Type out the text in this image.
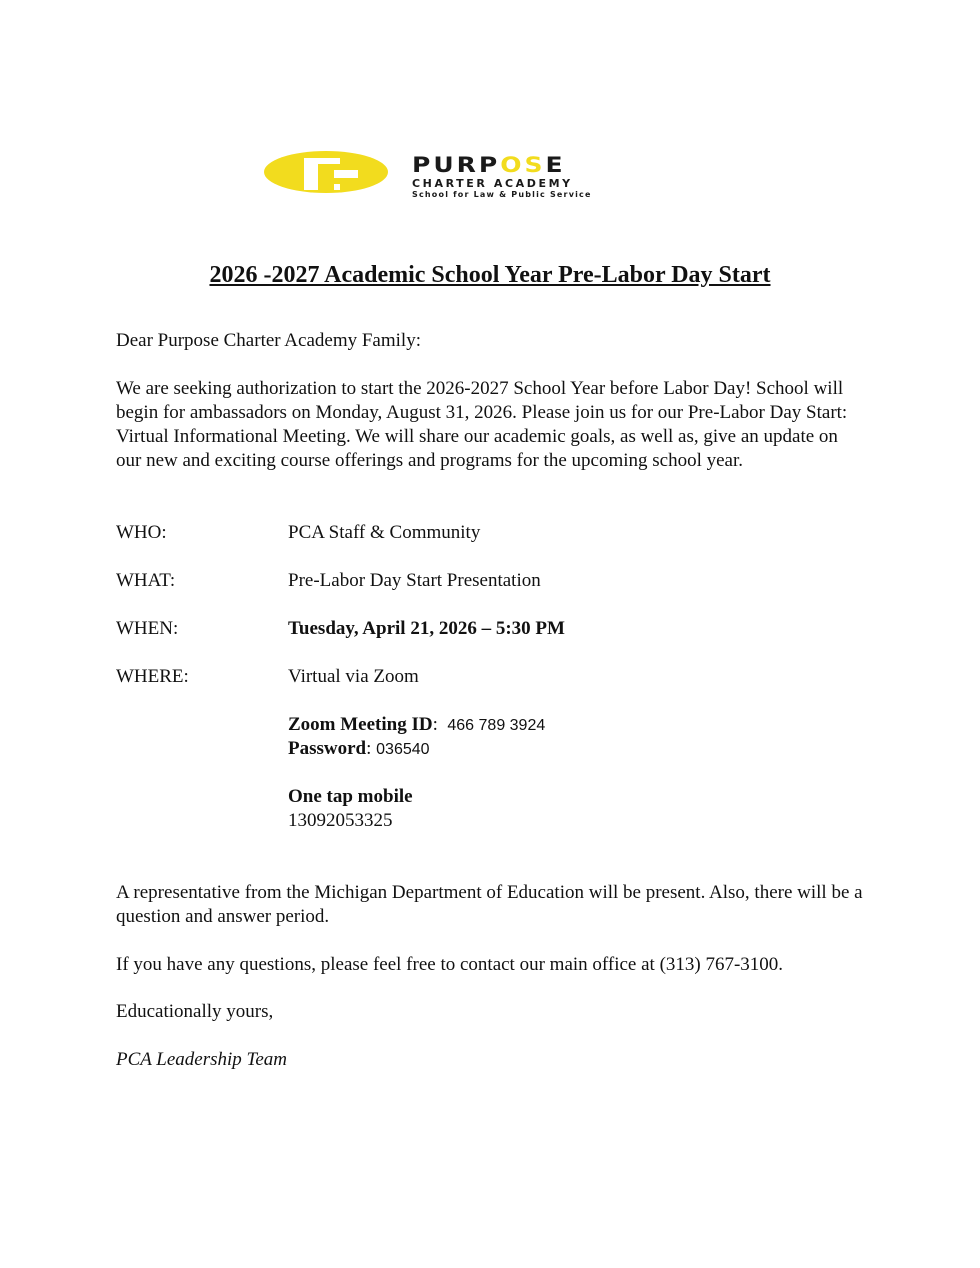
PURPOSE
CHARTER ACADEMY
School for Law & Public Service
2026 -2027 Academic School Year Pre-Labor Day Start

Dear Purpose Charter Academy Family:

We are seeking authorization to start the 2026-2027 School Year before Labor Day! School will begin for ambassadors on Monday, August 31, 2026. Please join us for our Pre-Labor Day Start: Virtual Informational Meeting. We will share our academic goals, as well as, give an update on our new and exciting course offerings and programs for the upcoming school year.

WHO:	PCA Staff & Community
WHAT:	Pre-Labor Day Start Presentation
WHEN:	Tuesday, April 21, 2026 – 5:30 PM
WHERE:	Virtual via Zoom
Zoom Meeting ID:  466 789 3924
Password: 036540
One tap mobile
13092053325

A representative from the Michigan Department of Education will be present. Also, there will be a question and answer period.

If you have any questions, please feel free to contact our main office at (313) 767-3100.

Educationally yours,

PCA Leadership Team
